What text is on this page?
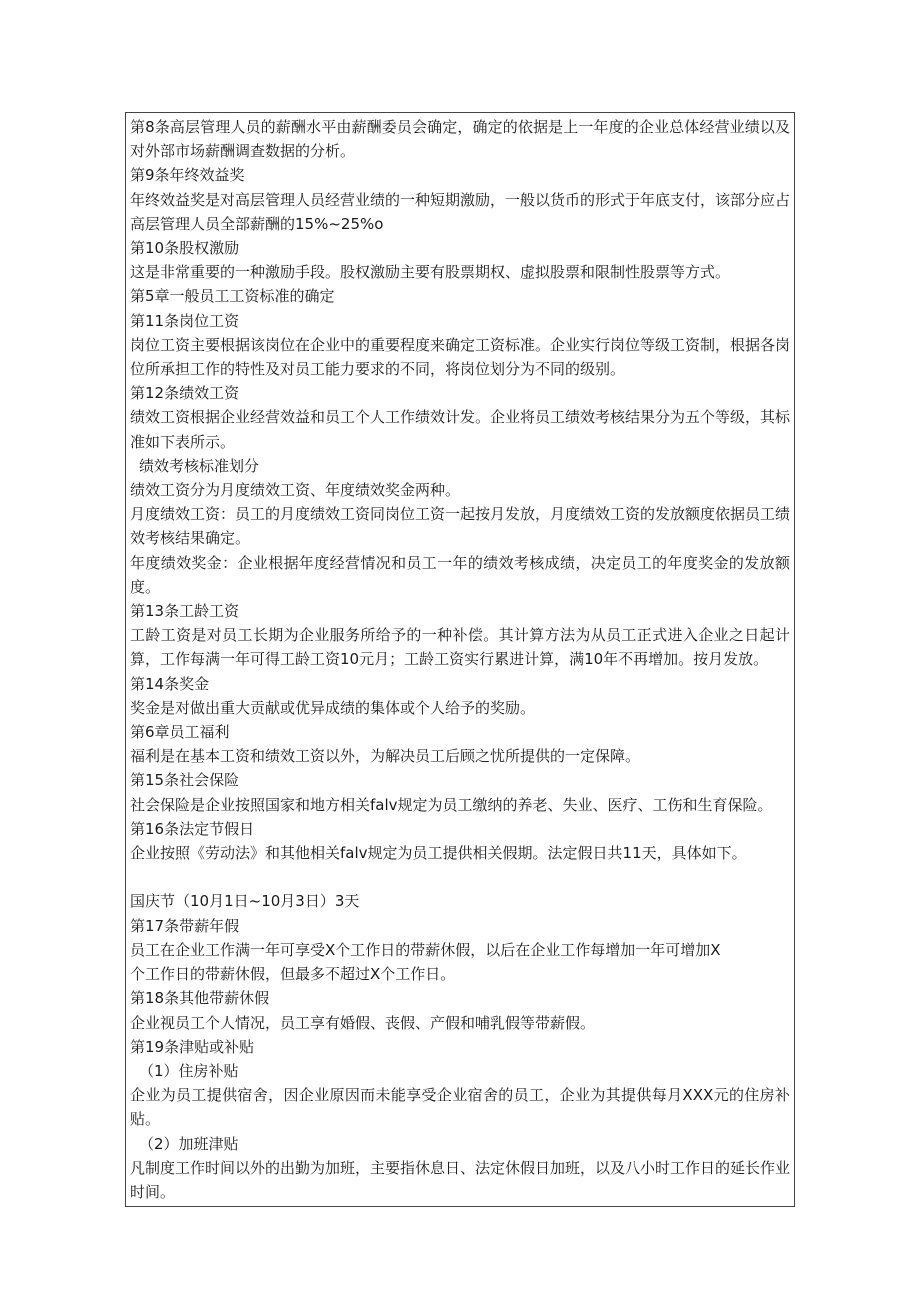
第8条高层管理人员的薪酬水平由薪酬委员会确定，确定的依据是上一年度的企业总体经营业绩以及对外部市场薪酬调查数据的分析。
第9条年终效益奖
年终效益奖是对高层管理人员经营业绩的一种短期激励，一般以货币的形式于年底支付，该部分应占高层管理人员全部薪酬的15%~25%o
第10条股权激励
这是非常重要的一种激励手段。股权激励主要有股票期权、虚拟股票和限制性股票等方式。
第5章一般员工工资标准的确定
第11条岗位工资
岗位工资主要根据该岗位在企业中的重要程度来确定工资标准。企业实行岗位等级工资制，根据各岗位所承担工作的特性及对员工能力要求的不同，将岗位划分为不同的级别。
第12条绩效工资
绩效工资根据企业经营效益和员工个人工作绩效计发。企业将员工绩效考核结果分为五个等级，其标准如下表所示。
绩效考核标准划分
绩效工资分为月度绩效工资、年度绩效奖金两种。
月度绩效工资：员工的月度绩效工资同岗位工资一起按月发放，月度绩效工资的发放额度依据员工绩效考核结果确定。
年度绩效奖金：企业根据年度经营情况和员工一年的绩效考核成绩，决定员工的年度奖金的发放额度。
第13条工龄工资
工龄工资是对员工长期为企业服务所给予的一种补偿。其计算方法为从员工正式进入企业之日起计算，工作每满一年可得工龄工资10元月；工龄工资实行累进计算，满10年不再增加。按月发放。
第14条奖金
奖金是对做出重大贡献或优异成绩的集体或个人给予的奖励。
第6章员工福利
福利是在基本工资和绩效工资以外，为解决员工后顾之忧所提供的一定保障。
第15条社会保险
社会保险是企业按照国家和地方相关falv规定为员工缴纳的养老、失业、医疗、工伤和生育保险。
第16条法定节假日
企业按照《劳动法》和其他相关falv规定为员工提供相关假期。法定假日共11天，具体如下。
国庆节（10月1日~10月3日）3天
第17条带薪年假
员工在企业工作满一年可享受X个工作日的带薪休假，以后在企业工作每增加一年可增加X
个工作日的带薪休假，但最多不超过X个工作日。
第18条其他带薪休假
企业视员工个人情况，员工享有婚假、丧假、产假和哺乳假等带薪假。
第19条津贴或补贴
（1）住房补贴
企业为员工提供宿舍，因企业原因而未能享受企业宿舍的员工，企业为其提供每月XXX元的住房补贴。
（2）加班津贴
凡制度工作时间以外的出勤为加班，主要指休息日、法定休假日加班，以及八小时工作日的延长作业时间。
